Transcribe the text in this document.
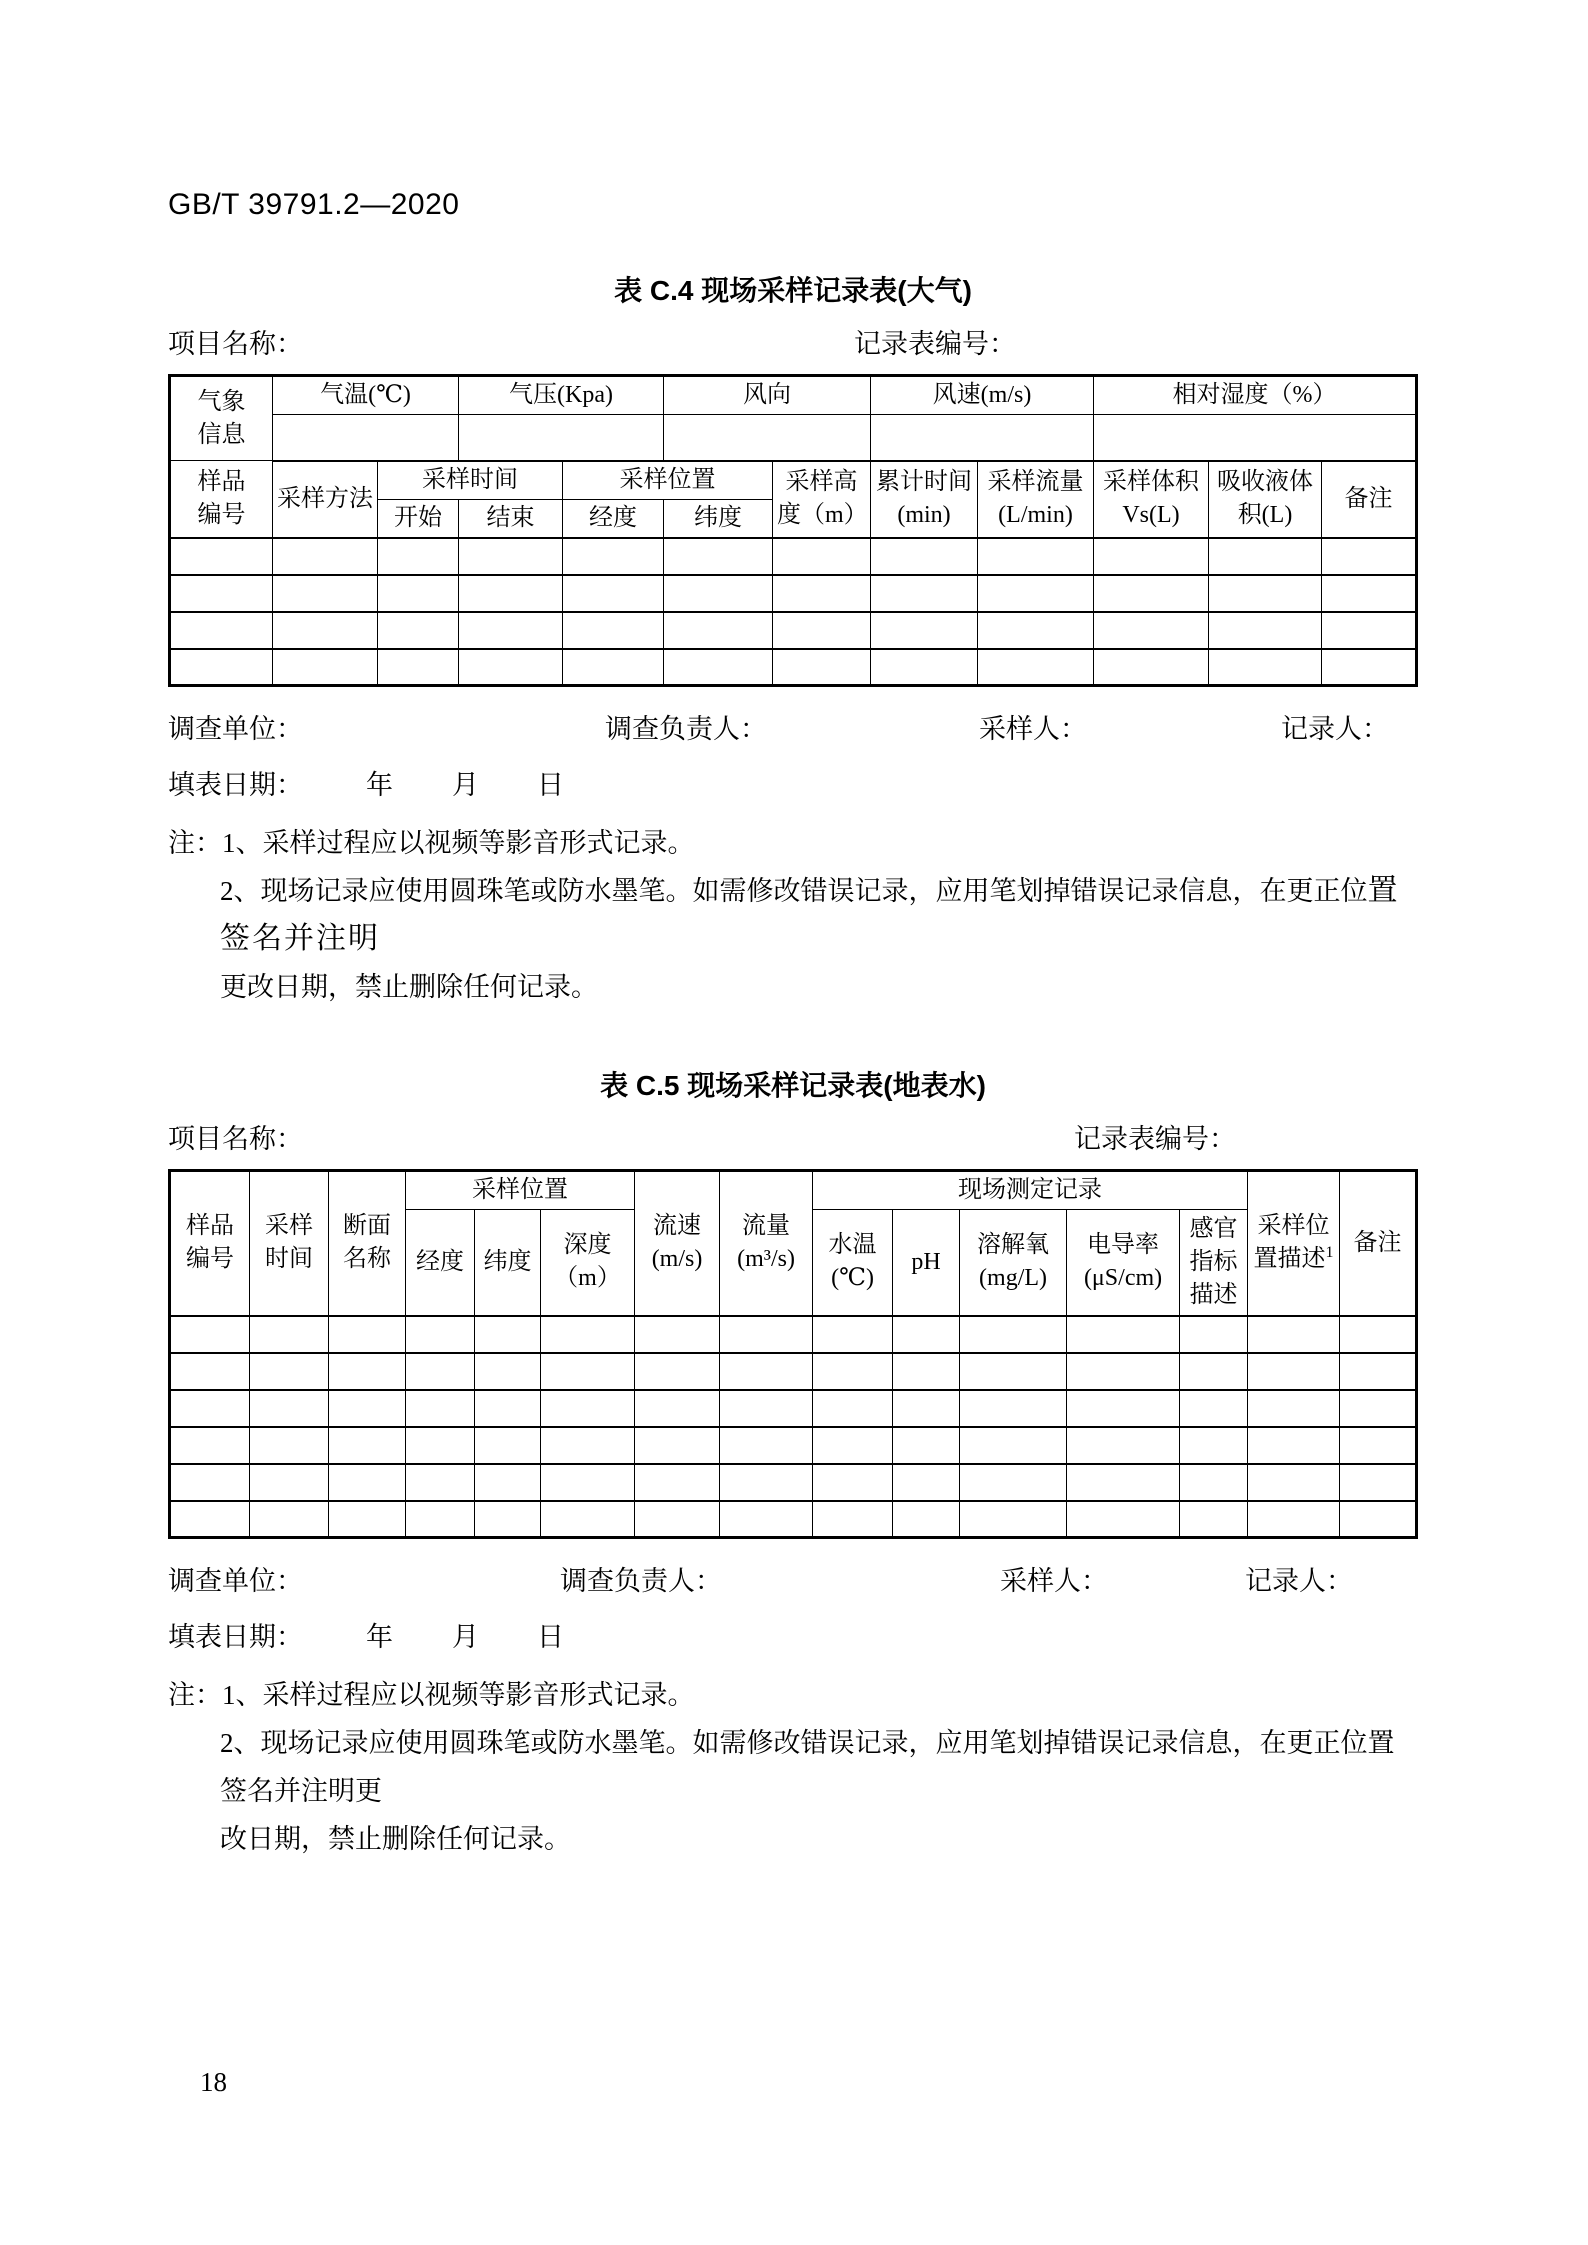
GB/T 39791.2—2020
表 C.4 现场采样记录表(大气)
项目名称：	记录表编号：
气象信息	气温(℃)		气压(Kpa)		风向		风速(m/s)		相对湿度（%）		

样品编号	采样方法	采样时间		采样位置		采样高度（m）	累计时间(min)	采样流量(L/min)	采样体积 Vs(L)	吸收液体积(L)	备注
		开始	结束	经度	纬度						

调查单位：	调查负责人：	采样人：	记录人：
填表日期： 年 月 日
注：1、采样过程应以视频等影音形式记录。
2、现场记录应使用圆珠笔或防水墨笔。如需修改错误记录，应用笔划掉错误记录信息，在更正位置签名并注明
更改日期，禁止删除任何记录。
表 C.5 现场采样记录表(地表水)
项目名称：	记录表编号：
样品编号	采样时间	断面名称	采样位置			流速(m/s)	流量(m³/s)	现场测定记录					采样位置描述$^1$	备注
			经度	纬度	深度（m）			水温(℃)	pH	溶解氧(mg/L)	电导率(μS/cm)	感官指标描述		

调查单位：	调查负责人：	采样人：	记录人：
填表日期： 年 月 日
注：1、采样过程应以视频等影音形式记录。
2、现场记录应使用圆珠笔或防水墨笔。如需修改错误记录，应用笔划掉错误记录信息，在更正位置签名并注明更
改日期，禁止删除任何记录。
18
